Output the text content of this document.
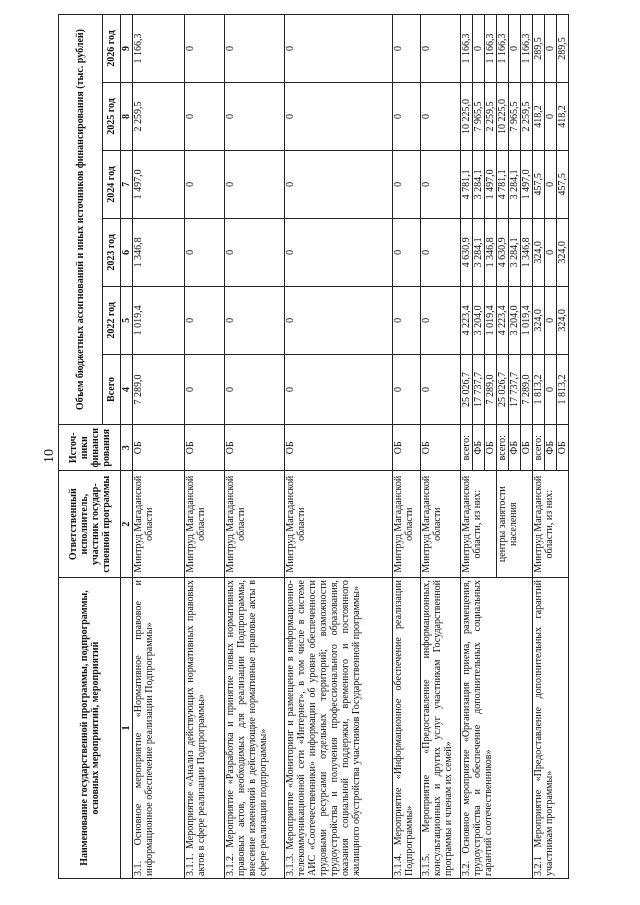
10
Наименование государственной программы, подпрограммы, основных мероприятий, мероприятий	Ответственный исполнитель, участник государ-ственной программы	Источ-ники финанси рования	Объем бюджетных ассигнований и иных источников финансирования (тыс. рублей)					
			Всего	2022 год	2023 год	2024 год	2025 год	2026 год
1	2	3	4	5	6	7	8	9
3.1. Основное мероприятие «Нормативное правовое и информационное обеспечение реализации Подпрограммы»	Минтруд Магаданской области	ОБ	7 289,0	1 019,4	1 346,8	1 497,0	2 259,5	1 166,3
3.1.1. Мероприятие «Анализ действующих нормативных правовых актов в сфере реализации Подпрограммы»	Минтруд Магаданской области	ОБ	0	0	0	0	0	0
3.1.2. Мероприятие «Разработка и принятие новых нормативных правовых актов, необходимых для реализации Подпрограммы, внесение изменений в действующие нормативные правовые акты в сфере реализации подпрограммы»	Минтруд Магаданской области	ОБ	0	0	0	0	0	0
3.1.3. Мероприятие «Мониторинг и размещение в информационно-телекоммуникационной сети «Интернет», в том числе в системе АИС «Соотечественники» информации об уровне обеспеченности трудовыми ресурсами отдельных территорий; возможности трудоустройства и получения профессионального образования, оказания социальной поддержки, временного и постоянного жилищного обустройства участников Государственной программы»	Минтруд Магаданской области	ОБ	0	0	0	0	0	0
3.1.4. Мероприятие «Информационное обеспечение реализации Подпрограммы»	Минтруд Магаданской области	ОБ	0	0	0	0	0	0
3.1.5. Мероприятие «Предоставление информационных, консультационных и других услуг участникам Государственной программы и членам их семей»	Минтруд Магаданской области	ОБ	0	0	0	0	0	0
3.2. Основное мероприятие «Организация приема, размещения, трудоустройства и обеспечение дополнительных социальных гарантий соотечественников»	Минтруд Магаданской области, из них:	всего:	25 026,7	4 223,4	4 630,9	4 781,1	10 225,0	1 166,3
		ФБ	17 737,7	3 204,0	3 284,1	3 284,1	7 965,5	0
		ОБ	7 289,0	1 019,4	1 346,8	1 497,0	2 259,5	1 166,3
	центры занятости населения	всего:	25 026,7	4 223,4	4 630,9	4 781,1	10 225,0	1 166,3
		ФБ	17 737,7	3 204,0	3 284,1	3 284,1	7 965,5	0
		ОБ	7 289,0	1 019,4	1 346,8	1 497,0	2 259,5	1 166,3
3.2.1 Мероприятие «Предоставление дополнительных гарантий участникам программы»	Минтруд Магаданской области, из них:	всего:	1 813,2	324,0	324,0	457,5	418,2	289,5
		ФБ	0	0	0	0	0	0
		ОБ	1 813,2	324,0	324,0	457,5	418,2	289,5
